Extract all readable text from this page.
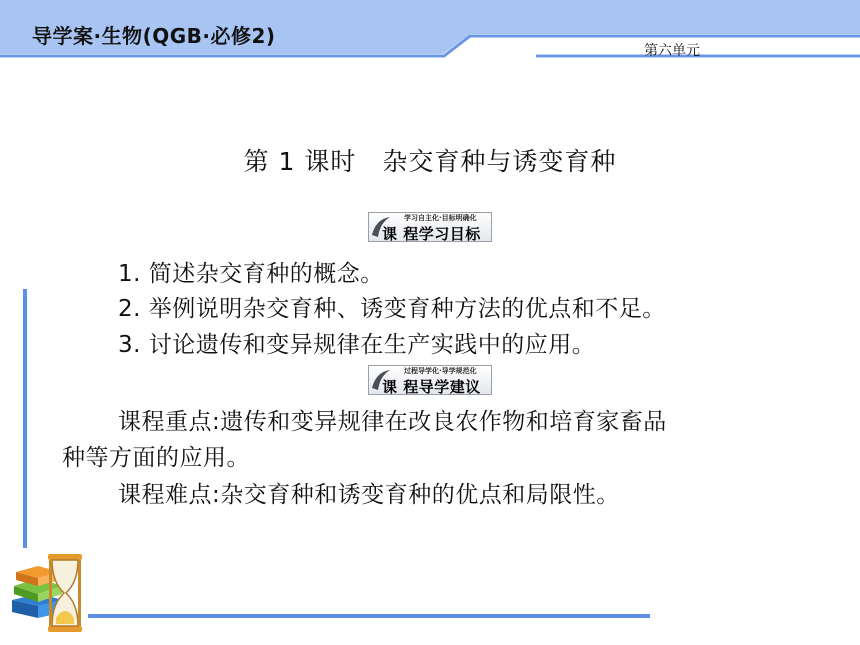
导学案·生物(QGB·必修2)
第六单元
第 1 课时　杂交育种与诱变育种
学习自主化·目标明确化
课 程学习目标
1. 简述杂交育种的概念。
2. 举例说明杂交育种、诱变育种方法的优点和不足。
3. 讨论遗传和变异规律在生产实践中的应用。
过程导学化·导学规范化
课 程导学建议
课程重点:遗传和变异规律在改良农作物和培育家畜品
种等方面的应用。
课程难点:杂交育种和诱变育种的优点和局限性。
